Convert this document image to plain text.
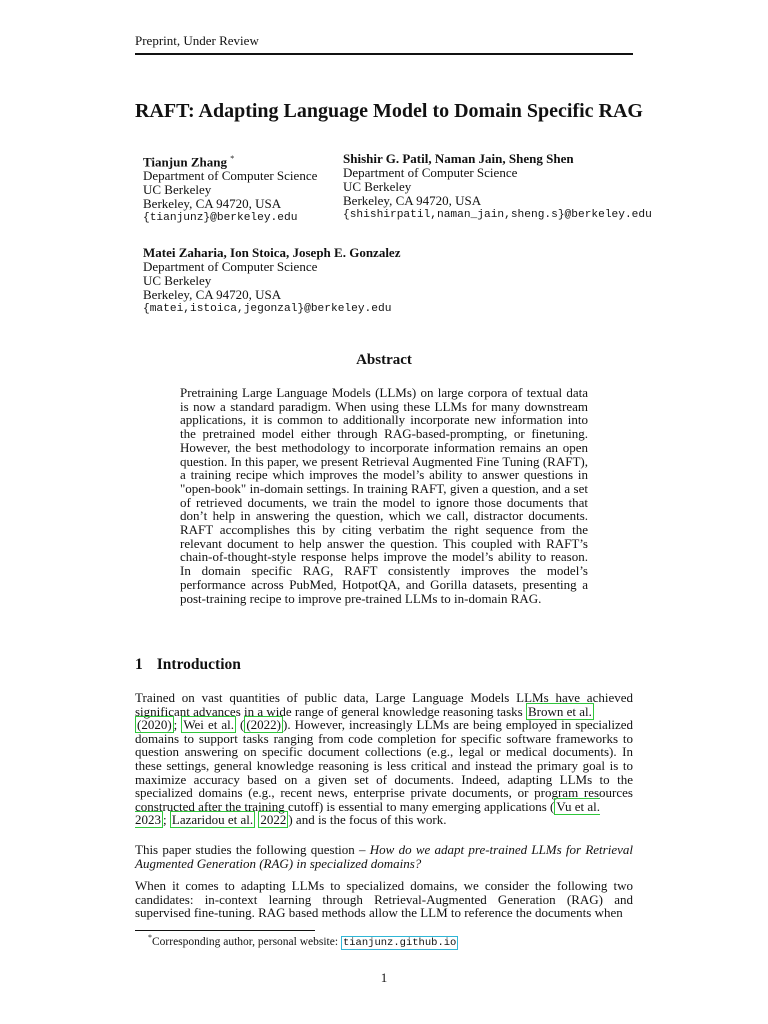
Preprint, Under Review
RAFT: Adapting Language Model to Domain Specific RAG
Tianjun Zhang *
Department of Computer Science
UC Berkeley
Berkeley, CA 94720, USA
{tianjunz}@berkeley.edu
Shishir G. Patil, Naman Jain, Sheng Shen
Department of Computer Science
UC Berkeley
Berkeley, CA 94720, USA
{shishirpatil,naman_jain,sheng.s}@berkeley.edu
Matei Zaharia, Ion Stoica, Joseph E. Gonzalez
Department of Computer Science
UC Berkeley
Berkeley, CA 94720, USA
{matei,istoica,jegonzal}@berkeley.edu
Abstract
Pretraining Large Language Models (LLMs) on large corpora of textual data is now a standard paradigm. When using these LLMs for many downstream applications, it is common to additionally incorporate new information into the pretrained model either through RAG-based-prompting, or finetuning. However, the best methodology to incorporate information remains an open question. In this paper, we present Retrieval Augmented Fine Tuning (RAFT), a training recipe which improves the model’s ability to answer questions in "open-book" in-domain settings. In training RAFT, given a question, and a set of retrieved documents, we train the model to ignore those documents that don’t help in answering the question, which we call, distractor documents. RAFT accomplishes this by citing verbatim the right sequence from the relevant document to help answer the question. This coupled with RAFT’s chain-of-thought-style response helps improve the model’s ability to reason. In domain specific RAG, RAFT consistently improves the model’s performance across PubMed, HotpotQA, and Gorilla datasets, presenting a post-training recipe to improve pre-trained LLMs to in-domain RAG.
1 Introduction
Trained on vast quantities of public data, Large Language Models LLMs have achieved significant advances in a wide range of general knowledge reasoning tasks Brown et al.
(2020) ; Wei et al. ( (2022) ). However, increasingly LLMs are being employed in specialized domains to support tasks ranging from code completion for specific software frameworks to question answering on specific document collections (e.g., legal or medical documents). In these settings, general knowledge reasoning is less critical and instead the primary goal is to maximize accuracy based on a given set of documents. Indeed, adapting LLMs to the specialized domains (e.g., recent news, enterprise private documents, or program resources constructed after the training cutoff) is essential to many emerging applications ( Vu et al.
2023 ; Lazaridou et al. 2022 ) and is the focus of this work.
This paper studies the following question – How do we adapt pre-trained LLMs for Retrieval Augmented Generation (RAG) in specialized domains?
When it comes to adapting LLMs to specialized domains, we consider the following two candidates: in-context learning through Retrieval-Augmented Generation (RAG) and supervised fine-tuning. RAG based methods allow the LLM to reference the documents when
*Corresponding author, personal website: tianjunz.github.io
1
